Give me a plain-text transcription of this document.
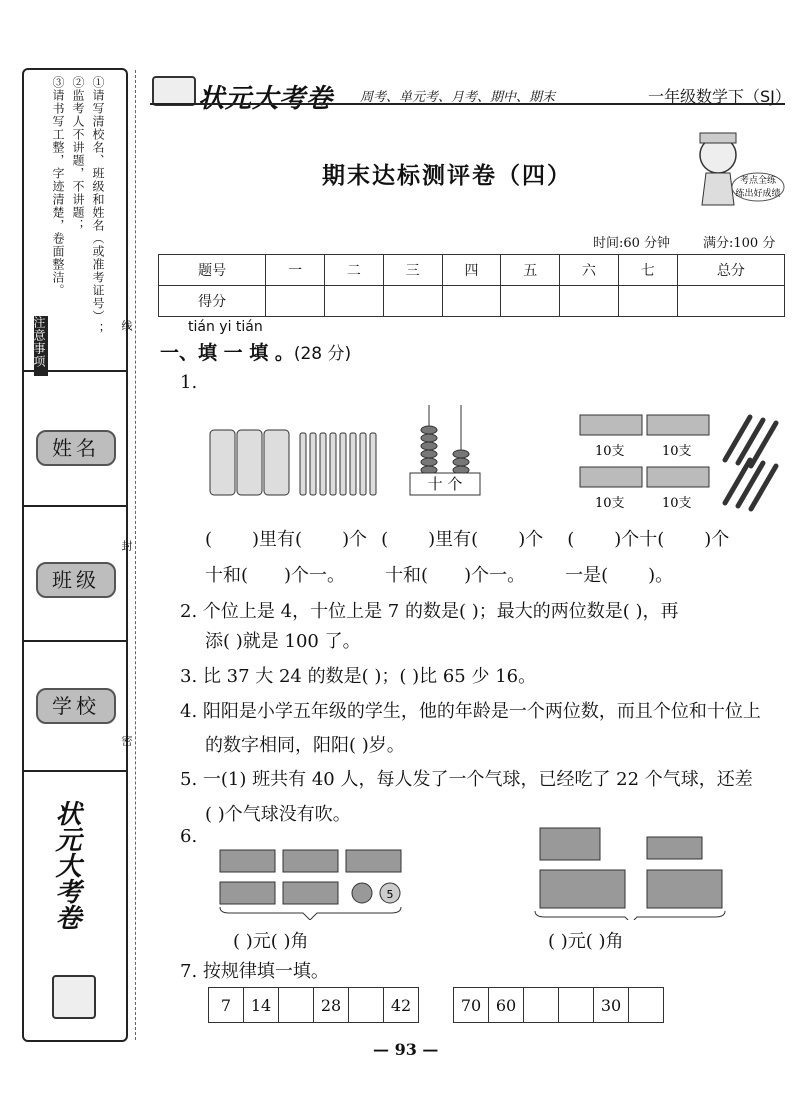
注意事项
①请写清校名、班级和姓名（或准考证号）；
②监考人不讲题，不讲题；
③请书写工整，字迹清楚，卷面整洁。
姓名
班级
学校
状元大考卷
线
封
密
状元大考卷 周考、单元考、月考、期中、期末	一年级数学下（SJ）
期末达标测评卷（四）	考点全练
练出好成绩
时间:60 分钟	满分:100 分
题号	一	二	三	四	五	六	七	总分
得分								
tián yi tián
一、填 一 填 。(28 分)
1.
十 个
10支	10支
10支	10支
( )里有( )个 ( )里有( )个 ( )个十( )个
十和( )个一。 十和( )个一。 一是( )。
2. 个位上是 4，十位上是 7 的数是( )；最大的两位数是( )，再
添( )就是 100 了。
3. 比 37 大 24 的数是( )；( )比 65 少 16。
4. 阳阳是小学五年级的学生，他的年龄是一个两位数，而且个位和十位上
的数字相同，阳阳( )岁。
5. 一(1) 班共有 40 人，每人发了一个气球，已经吃了 22 个气球，还差
( )个气球没有吹。
6.
5
( )元( )角	( )元( )角
7. 按规律填一填。
7	14		28		42	70	60			30	
— 93 —
